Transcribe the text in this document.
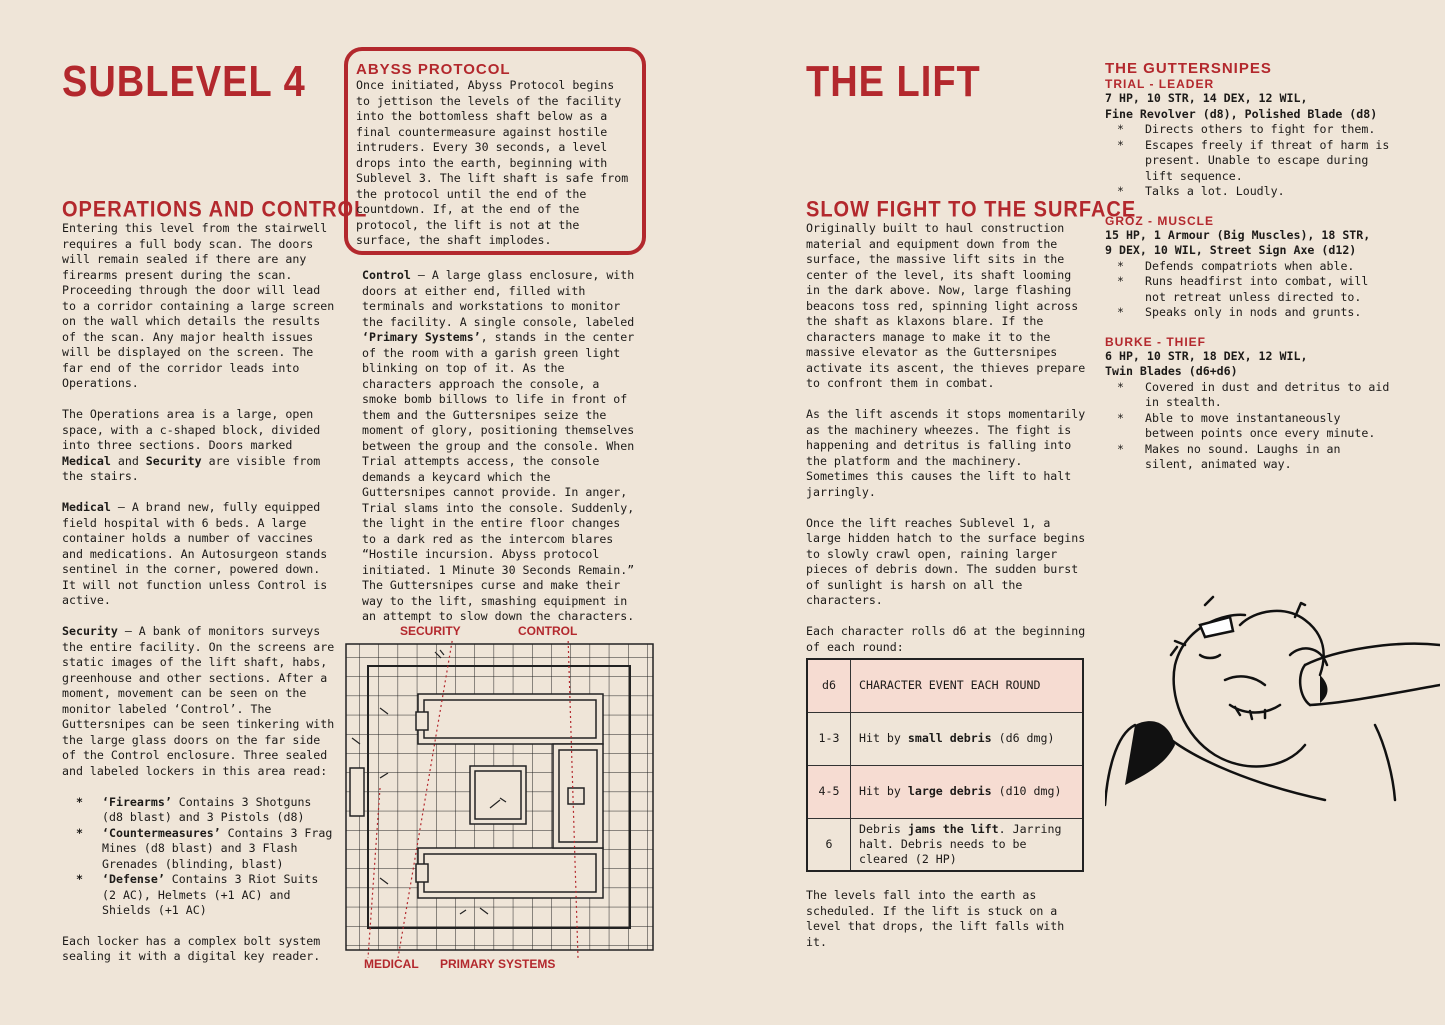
SUBLEVEL 4
OPERATIONS AND CONTROL

Entering this level from the stairwell requires a full body scan. The doors will remain sealed if there are any firearms present during the scan. Proceeding through the door will lead to a corridor containing a large screen on the wall which details the results of the scan. Any major health issues will be displayed on the screen. The far end of the corridor leads into Operations.

The Operations area is a large, open space, with a c-shaped block, divided into three sections. Doors marked Medical and Security are visible from the stairs.

Medical – A brand new, fully equipped field hospital with 6 beds. A large container holds a number of vaccines and medications. An Autosurgeon stands sentinel in the corner, powered down. It will not function unless Control is active.

Security – A bank of monitors surveys the entire facility. On the screens are static images of the lift shaft, habs, greenhouse and other sections. After a moment, movement can be seen on the monitor labeled ‘Control’. The Guttersnipes can be seen tinkering with the large glass doors on the far side of the Control enclosure. Three sealed and labeled lockers in this area read:

* ‘Firearms’ Contains 3 Shotguns (d8 blast) and 3 Pistols (d8)
* ‘Countermeasures’ Contains 3 Frag Mines (d8 blast) and 3 Flash Grenades (blinding, blast)
* ‘Defense’ Contains 3 Riot Suits (2 AC), Helmets (+1 AC) and Shields (+1 AC)

Each locker has a complex bolt system sealing it with a digital key reader.

ABYSS PROTOCOL
Once initiated, Abyss Protocol begins to jettison the levels of the facility into the bottomless shaft below as a final countermeasure against hostile intruders. Every 30 seconds, a level drops into the earth, beginning with Sublevel 3. The lift shaft is safe from the protocol until the end of the countdown. If, at the end of the protocol, the lift is not at the surface, the shaft implodes.
Control – A large glass enclosure, with doors at either end, filled with terminals and workstations to monitor the facility. A single console, labeled ‘Primary Systems’, stands in the center of the room with a garish green light blinking on top of it. As the characters approach the console, a smoke bomb billows to life in front of them and the Guttersnipes seize the moment of glory, positioning themselves between the group and the console. When Trial attempts access, the console demands a keycard which the Guttersnipes cannot provide. In anger, Trial slams into the console. Suddenly, the light in the entire floor changes to a dark red as the intercom blares “Hostile incursion. Abyss protocol initiated. 1 Minute 30 Seconds Remain.” The Guttersnipes curse and make their way to the lift, smashing equipment in an attempt to slow down the characters.
SECURITY	CONTROL
MEDICAL PRIMARY SYSTEMS
THE LIFT
SLOW FIGHT TO THE SURFACE

Originally built to haul construction material and equipment down from the surface, the massive lift sits in the center of the level, its shaft looming in the dark above. Now, large flashing beacons toss red, spinning light across the shaft as klaxons blare. If the characters manage to make it to the massive elevator as the Guttersnipes activate its ascent, the thieves prepare to confront them in combat.

As the lift ascends it stops momentarily as the machinery wheezes. The fight is happening and detritus is falling into the platform and the machinery. Sometimes this causes the lift to halt jarringly.

Once the lift reaches Sublevel 1, a large hidden hatch to the surface begins to slowly crawl open, raining larger pieces of debris down. The sudden burst of sunlight is harsh on all the characters.

Each character rolls d6 at the beginning of each round:

d6	CHARACTER EVENT EACH ROUND
1-3	Hit by small debris (d6 dmg)
4-5	Hit by large debris (d10 dmg)
6	Debris jams the lift. Jarring halt. Debris needs to be cleared (2 HP)
The levels fall into the earth as scheduled. If the lift is stuck on a level that drops, the lift falls with it.
THE GUTTERSNIPES
TRIAL - LEADER
7 HP, 10 STR, 14 DEX, 12 WIL,
Fine Revolver (d8), Polished Blade (d8)
* Directs others to fight for them.
* Escapes freely if threat of harm is present. Unable to escape during lift sequence.
* Talks a lot. Loudly.
GROZ - MUSCLE
15 HP, 1 Armour (Big Muscles), 18 STR,
9 DEX, 10 WIL, Street Sign Axe (d12)
* Defends compatriots when able.
* Runs headfirst into combat, will not retreat unless directed to.
* Speaks only in nods and grunts.
BURKE - THIEF
6 HP, 10 STR, 18 DEX, 12 WIL,
Twin Blades (d6+d6)
* Covered in dust and detritus to aid in stealth.
* Able to move instantaneously between points once every minute.
* Makes no sound. Laughs in an silent, animated way.
